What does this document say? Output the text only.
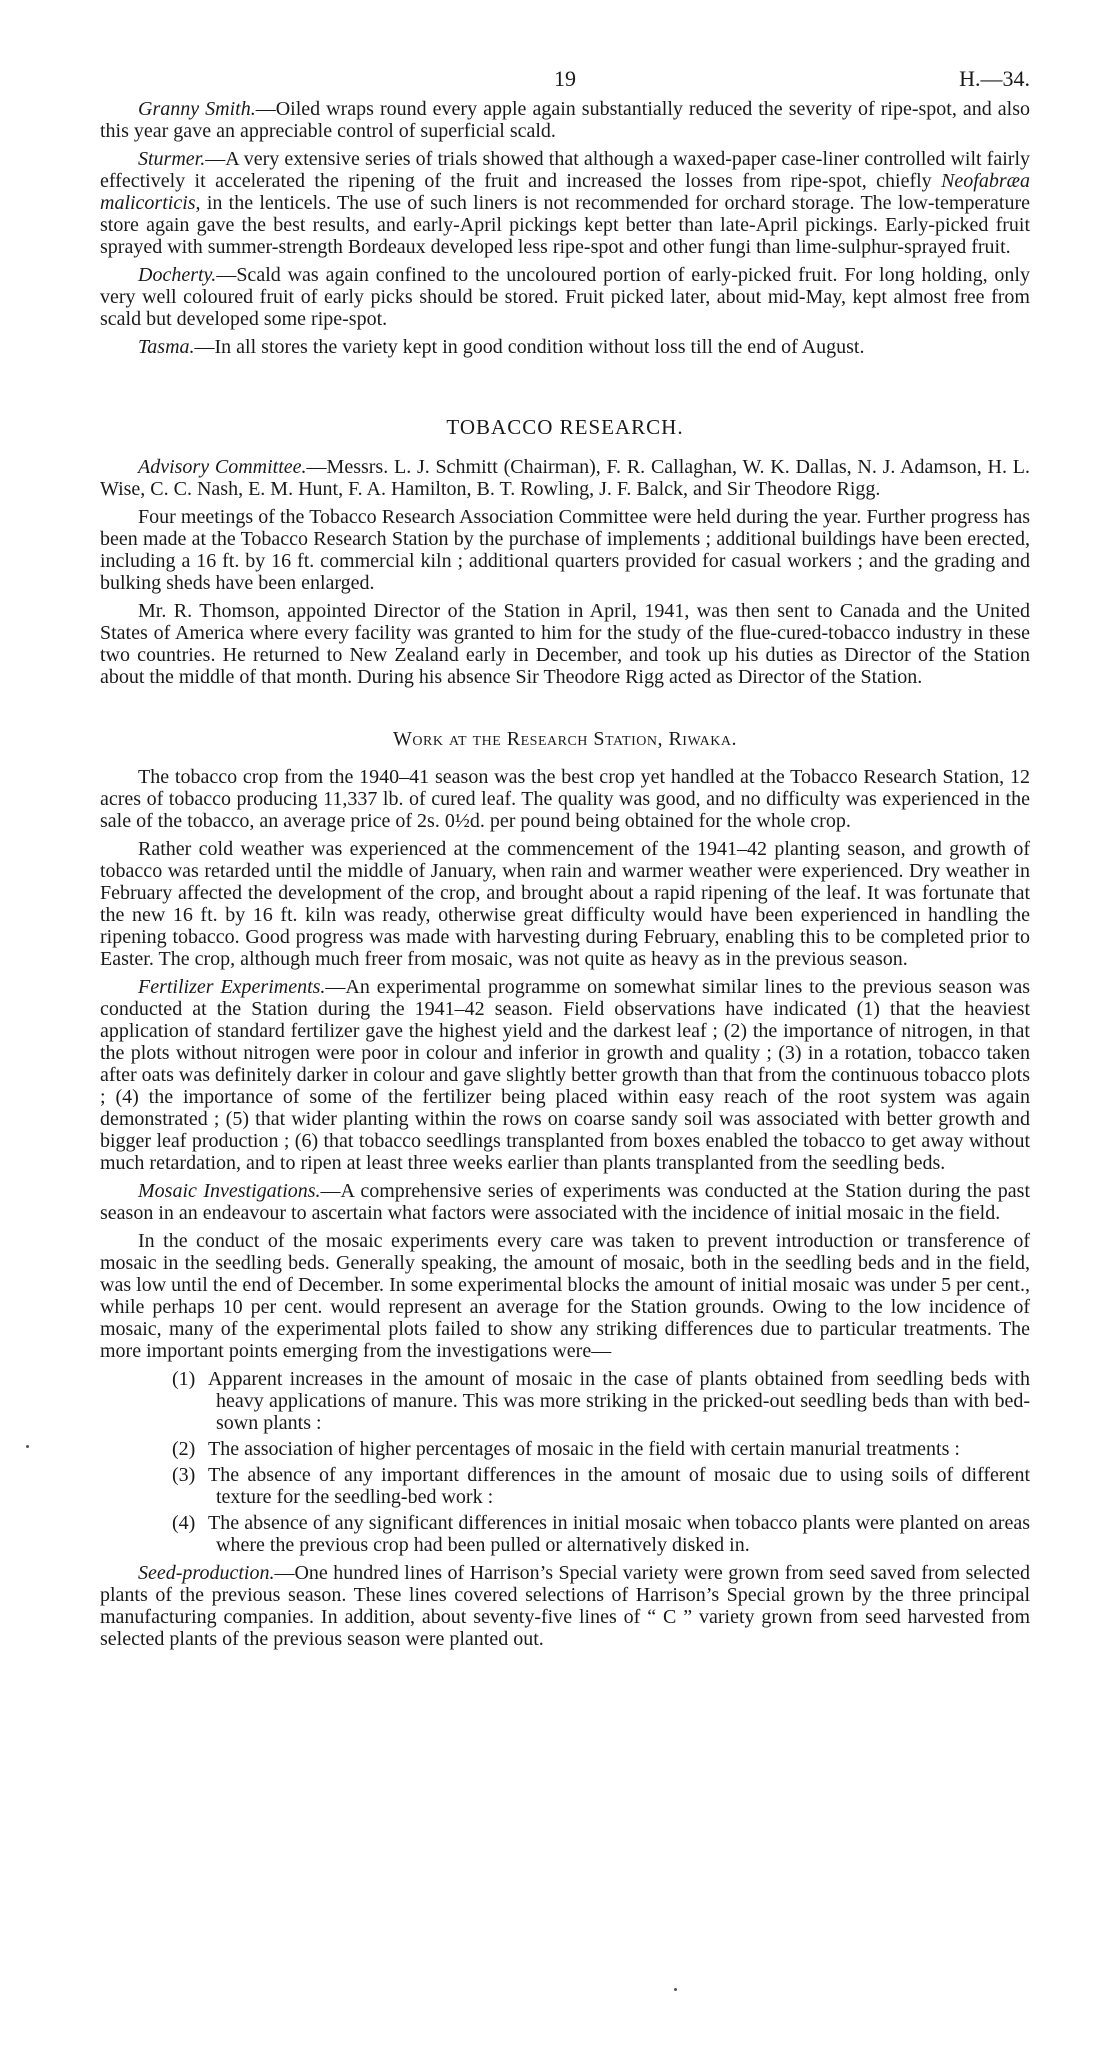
19	H.—34.

Granny Smith.—Oiled wraps round every apple again substantially reduced the severity of ripe-spot, and also this year gave an appreciable control of superficial scald.

Sturmer.—A very extensive series of trials showed that although a waxed-paper case-liner controlled wilt fairly effectively it accelerated the ripening of the fruit and increased the losses from ripe-spot, chiefly Neofabræa malicorticis, in the lenticels. The use of such liners is not recommended for orchard storage. The low-temperature store again gave the best results, and early-April pickings kept better than late-April pickings. Early-picked fruit sprayed with summer-strength Bordeaux developed less ripe-spot and other fungi than lime-sulphur-sprayed fruit.

Docherty.—Scald was again confined to the uncoloured portion of early-picked fruit. For long holding, only very well coloured fruit of early picks should be stored. Fruit picked later, about mid-May, kept almost free from scald but developed some ripe-spot.

Tasma.—In all stores the variety kept in good condition without loss till the end of August.

TOBACCO RESEARCH.

Advisory Committee.—Messrs. L. J. Schmitt (Chairman), F. R. Callaghan, W. K. Dallas, N. J. Adamson, H. L. Wise, C. C. Nash, E. M. Hunt, F. A. Hamilton, B. T. Rowling, J. F. Balck, and Sir Theodore Rigg.

Four meetings of the Tobacco Research Association Committee were held during the year. Further progress has been made at the Tobacco Research Station by the purchase of implements ; additional buildings have been erected, including a 16 ft. by 16 ft. commercial kiln ; additional quarters provided for casual workers ; and the grading and bulking sheds have been enlarged.

Mr. R. Thomson, appointed Director of the Station in April, 1941, was then sent to Canada and the United States of America where every facility was granted to him for the study of the flue-cured-tobacco industry in these two countries. He returned to New Zealand early in December, and took up his duties as Director of the Station about the middle of that month. During his absence Sir Theodore Rigg acted as Director of the Station.

Work at the Research Station, Riwaka.

The tobacco crop from the 1940–41 season was the best crop yet handled at the Tobacco Research Station, 12 acres of tobacco producing 11,337 lb. of cured leaf. The quality was good, and no difficulty was experienced in the sale of the tobacco, an average price of 2s. 0½d. per pound being obtained for the whole crop.

Rather cold weather was experienced at the commencement of the 1941–42 planting season, and growth of tobacco was retarded until the middle of January, when rain and warmer weather were experienced. Dry weather in February affected the development of the crop, and brought about a rapid ripening of the leaf. It was fortunate that the new 16 ft. by 16 ft. kiln was ready, otherwise great difficulty would have been experienced in handling the ripening tobacco. Good progress was made with harvesting during February, enabling this to be completed prior to Easter. The crop, although much freer from mosaic, was not quite as heavy as in the previous season.

Fertilizer Experiments.—An experimental programme on somewhat similar lines to the previous season was conducted at the Station during the 1941–42 season. Field observations have indicated (1) that the heaviest application of standard fertilizer gave the highest yield and the darkest leaf ; (2) the importance of nitrogen, in that the plots without nitrogen were poor in colour and inferior in growth and quality ; (3) in a rotation, tobacco taken after oats was definitely darker in colour and gave slightly better growth than that from the continuous tobacco plots ; (4) the importance of some of the fertilizer being placed within easy reach of the root system was again demonstrated ; (5) that wider planting within the rows on coarse sandy soil was associated with better growth and bigger leaf production ; (6) that tobacco seedlings transplanted from boxes enabled the tobacco to get away without much retardation, and to ripen at least three weeks earlier than plants transplanted from the seedling beds.

Mosaic Investigations.—A comprehensive series of experiments was conducted at the Station during the past season in an endeavour to ascertain what factors were associated with the incidence of initial mosaic in the field.

In the conduct of the mosaic experiments every care was taken to prevent introduction or transference of mosaic in the seedling beds. Generally speaking, the amount of mosaic, both in the seedling beds and in the field, was low until the end of December. In some experimental blocks the amount of initial mosaic was under 5 per cent., while perhaps 10 per cent. would represent an average for the Station grounds. Owing to the low incidence of mosaic, many of the experimental plots failed to show any striking differences due to particular treatments. The more important points emerging from the investigations were—

(1) Apparent increases in the amount of mosaic in the case of plants obtained from seedling beds with heavy applications of manure. This was more striking in the pricked-out seedling beds than with bed-sown plants :
(2) The association of higher percentages of mosaic in the field with certain manurial treatments :
(3) The absence of any important differences in the amount of mosaic due to using soils of different texture for the seedling-bed work :
(4) The absence of any significant differences in initial mosaic when tobacco plants were planted on areas where the previous crop had been pulled or alternatively disked in.

Seed-production.—One hundred lines of Harrison’s Special variety were grown from seed saved from selected plants of the previous season. These lines covered selections of Harrison’s Special grown by the three principal manufacturing companies. In addition, about seventy-five lines of “ C ” variety grown from seed harvested from selected plants of the previous season were planted out.
